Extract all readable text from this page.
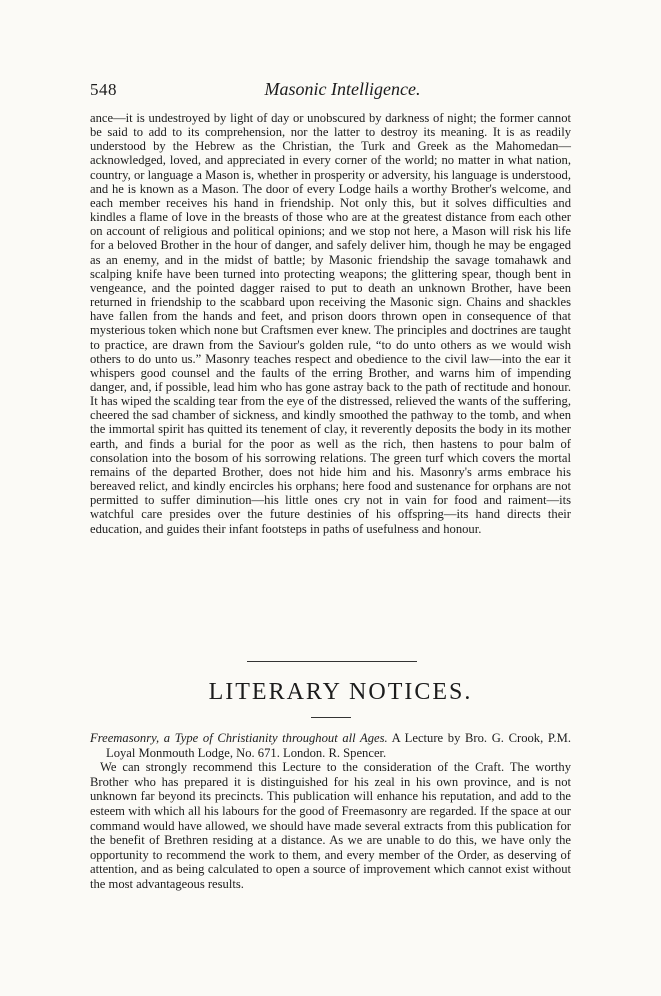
548	Masonic Intelligence.

ance—it is undestroyed by light of day or unobscured by darkness of night; the former cannot be said to add to its comprehension, nor the latter to destroy its meaning. It is as readily understood by the Hebrew as the Christian, the Turk and Greek as the Mahomedan—acknowledged, loved, and appreciated in every corner of the world; no matter in what nation, country, or language a Mason is, whether in prosperity or adversity, his language is understood, and he is known as a Mason. The door of every Lodge hails a worthy Brother's welcome, and each member receives his hand in friendship. Not only this, but it solves difficulties and kindles a flame of love in the breasts of those who are at the greatest distance from each other on account of religious and political opinions; and we stop not here, a Mason will risk his life for a beloved Brother in the hour of danger, and safely deliver him, though he may be engaged as an enemy, and in the midst of battle; by Masonic friendship the savage tomahawk and scalping knife have been turned into protecting weapons; the glittering spear, though bent in vengeance, and the pointed dagger raised to put to death an unknown Brother, have been returned in friendship to the scabbard upon receiving the Masonic sign. Chains and shackles have fallen from the hands and feet, and prison doors thrown open in consequence of that mysterious token which none but Craftsmen ever knew. The principles and doctrines are taught to practice, are drawn from the Saviour's golden rule, “to do unto others as we would wish others to do unto us.” Masonry teaches respect and obedience to the civil law—into the ear it whispers good counsel and the faults of the erring Brother, and warns him of impending danger, and, if possible, lead him who has gone astray back to the path of rectitude and honour. It has wiped the scalding tear from the eye of the distressed, relieved the wants of the suffering, cheered the sad chamber of sickness, and kindly smoothed the pathway to the tomb, and when the immortal spirit has quitted its tenement of clay, it reverently deposits the body in its mother earth, and finds a burial for the poor as well as the rich, then hastens to pour balm of consolation into the bosom of his sorrowing relations. The green turf which covers the mortal remains of the departed Brother, does not hide him and his. Masonry's arms embrace his bereaved relict, and kindly encircles his orphans; here food and sustenance for orphans are not permitted to suffer diminution—his little ones cry not in vain for food and raiment—its watchful care presides over the future destinies of his offspring—its hand directs their education, and guides their infant footsteps in paths of usefulness and honour.

LITERARY NOTICES.

Freemasonry, a Type of Christianity throughout all Ages. A Lecture by Bro. G. Crook, P.M. Loyal Monmouth Lodge, No. 671. London. R. Spencer.

We can strongly recommend this Lecture to the consideration of the Craft. The worthy Brother who has prepared it is distinguished for his zeal in his own province, and is not unknown far beyond its precincts. This publication will enhance his reputation, and add to the esteem with which all his labours for the good of Freemasonry are regarded. If the space at our command would have allowed, we should have made several extracts from this publication for the benefit of Brethren residing at a distance. As we are unable to do this, we have only the opportunity to recommend the work to them, and every member of the Order, as deserving of attention, and as being calculated to open a source of improvement which cannot exist without the most advantageous results.
